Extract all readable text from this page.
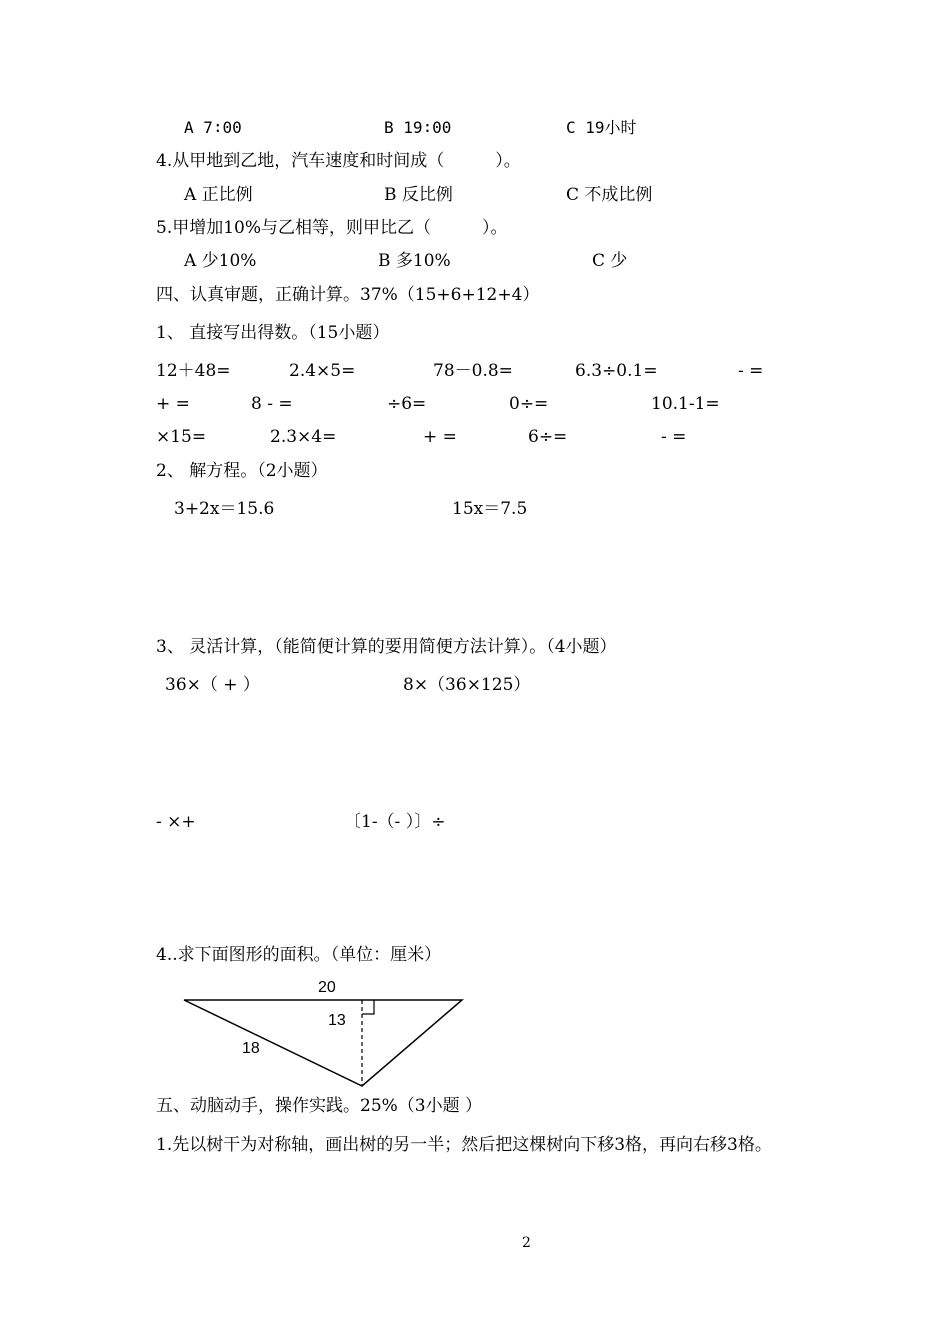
A 7∶00	B 19∶00	C 19小时
4.从甲地到乙地，汽车速度和时间成（　　　）。
A 正比例	B 反比例	C 不成比例
5.甲增加10%与乙相等，则甲比乙（　　　）。
A 少10%	B 多10%	C 少
四、认真审题，正确计算。37%（15+6+12+4）
1、 直接写出得数。（15小题）
12＋48=	2.4×5=	78－0.8=	6.3÷0.1=	- =
+ =	8 - =	÷6=	0÷=	10.1-1=
×15=	2.3×4=	+ =	6÷=	- =
2、 解方程。（2小题）
3+2x＝15.6	15x＝7.5
3、 灵活计算，（能简便计算的要用简便方法计算）。（4小题）
36×（ + ）	8×（36×125）
- ×+	〔1-（- ）〕÷
4..求下面图形的面积。（单位：厘米）
20
13
18
五、动脑动手，操作实践。25%（3小题 ）
1.先以树干为对称轴，画出树的另一半；然后把这棵树向下移3格，再向右移3格。
2
